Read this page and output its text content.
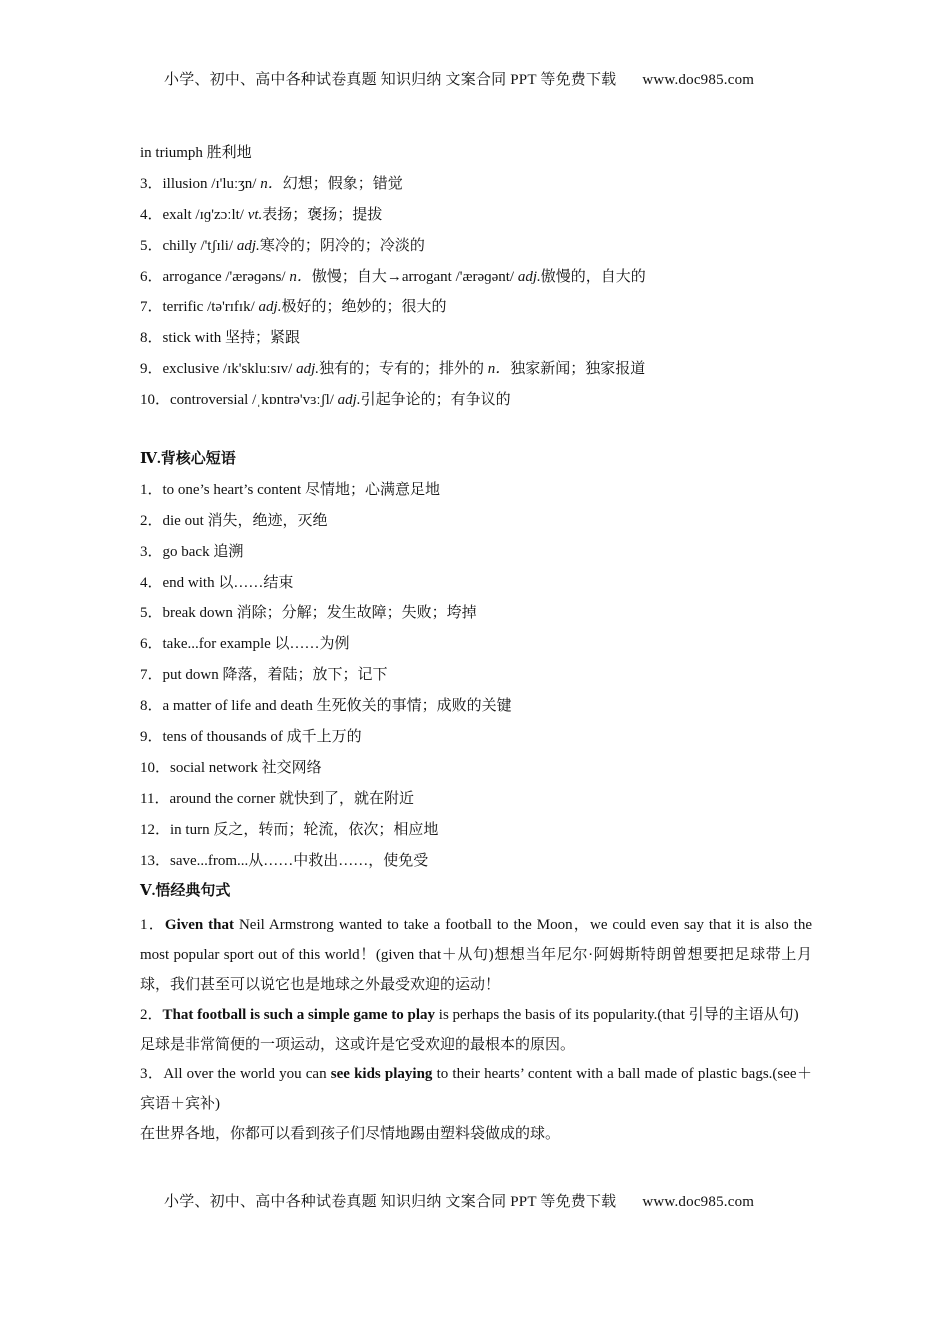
小学、初中、高中各种试卷真题 知识归纳 文案合同 PPT 等免费下载 www.doc985.com
in triumph 胜利地
3．illusion /ɪ'luːʒn/ n．幻想；假象；错觉
4．exalt /ɪɡ'zɔːlt/ vt.表扬；褒扬；提拔
5．chilly /'tʃɪli/ adj.寒冷的；阴冷的；冷淡的
6．arrogance /'ærəɡəns/ n．傲慢；自大→arrogant /'ærəɡənt/ adj.傲慢的，自大的
7．terrific /tə'rɪfɪk/ adj.极好的；绝妙的；很大的
8．stick with 坚持；紧跟
9．exclusive /ɪk'skluːsɪv/ adj.独有的；专有的；排外的 n．独家新闻；独家报道
10．controversial /ˌkɒntrə'vɜːʃl/ adj.引起争论的；有争议的
Ⅳ.背核心短语
1．to one’s heart’s content 尽情地；心满意足地
2．die out 消失，绝迹，灭绝
3．go back 追溯
4．end with 以……结束
5．break down 消除；分解；发生故障；失败；垮掉
6．take...for example 以……为例
7．put down 降落，着陆；放下；记下
8．a matter of life and death 生死攸关的事情；成败的关键
9．tens of thousands of 成千上万的
10．social network 社交网络
11．around the corner 就快到了，就在附近
12．in turn 反之，转而；轮流，依次；相应地
13．save...from...从……中救出……，使免受
Ⅴ.悟经典句式
1．Given that Neil Armstrong wanted to take a football to the Moon，we could even say that it is also the most popular sport out of this world！(given that＋从句)想想当年尼尔·阿姆斯特朗曾想要把足球带上月球，我们甚至可以说它也是地球之外最受欢迎的运动！
2．That football is such a simple game to play is perhaps the basis of its popularity.(that 引导的主语从句)
足球是非常简便的一项运动，这或许是它受欢迎的最根本的原因。
3．All over the world you can see kids playing to their hearts’ content with a ball made of plastic bags.(see＋宾语＋宾补)
在世界各地，你都可以看到孩子们尽情地踢由塑料袋做成的球。
小学、初中、高中各种试卷真题 知识归纳 文案合同 PPT 等免费下载 www.doc985.com
